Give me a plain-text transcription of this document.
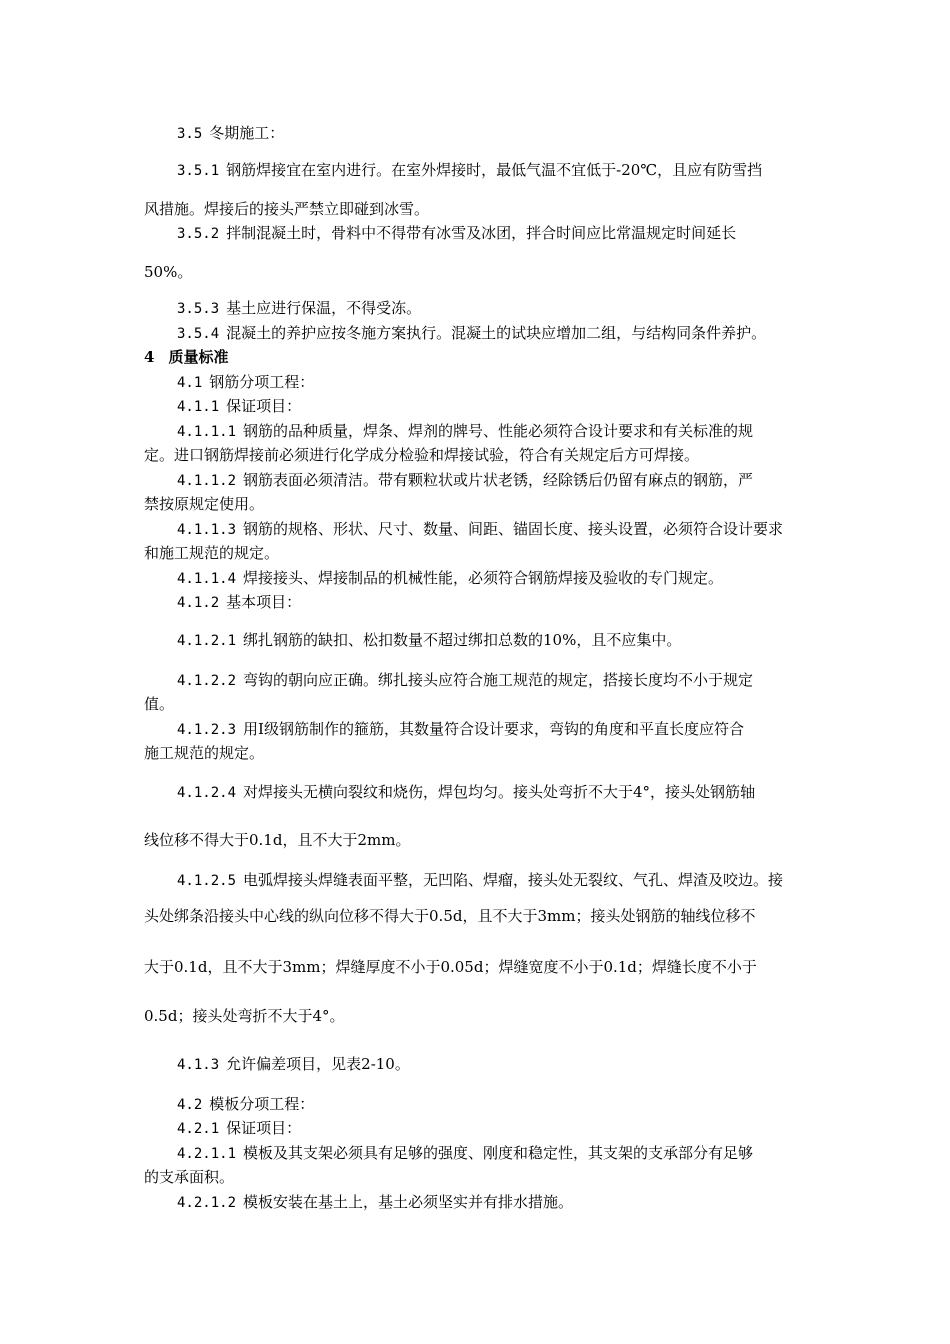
3.5 冬期施工：
3.5.1 钢筋焊接宜在室内进行。在室外焊接时，最低气温不宜低于-20℃，且应有防雪挡
风措施。焊接后的接头严禁立即碰到冰雪。
3.5.2 拌制混凝土时，骨料中不得带有冰雪及冰团，拌合时间应比常温规定时间延长
50%。
3.5.3 基土应进行保温，不得受冻。
3.5.4 混凝土的养护应按冬施方案执行。混凝土的试块应增加二组，与结构同条件养护。
4 质量标准
4.1 钢筋分项工程：
4.1.1 保证项目：
4.1.1.1 钢筋的品种质量，焊条、焊剂的牌号、性能必须符合设计要求和有关标准的规
定。进口钢筋焊接前必须进行化学成分检验和焊接试验，符合有关规定后方可焊接。
4.1.1.2 钢筋表面必须清洁。带有颗粒状或片状老锈，经除锈后仍留有麻点的钢筋，严
禁按原规定使用。
4.1.1.3 钢筋的规格、形状、尺寸、数量、间距、锚固长度、接头设置，必须符合设计要求
和施工规范的规定。
4.1.1.4 焊接接头、焊接制品的机械性能，必须符合钢筋焊接及验收的专门规定。
4.1.2 基本项目：
4.1.2.1 绑扎钢筋的缺扣、松扣数量不超过绑扣总数的10%，且不应集中。
4.1.2.2 弯钩的朝向应正确。绑扎接头应符合施工规范的规定，搭接长度均不小于规定
值。
4.1.2.3 用Ⅰ级钢筋制作的箍筋，其数量符合设计要求，弯钩的角度和平直长度应符合
施工规范的规定。
4.1.2.4 对焊接头无横向裂纹和烧伤，焊包均匀。接头处弯折不大于4°，接头处钢筋轴
线位移不得大于0.1d，且不大于2mm。
4.1.2.5 电弧焊接头焊缝表面平整，无凹陷、焊瘤，接头处无裂纹、气孔、焊渣及咬边。接
头处绑条沿接头中心线的纵向位移不得大于0.5d，且不大于3mm；接头处钢筋的轴线位移不
大于0.1d，且不大于3mm；焊缝厚度不小于0.05d；焊缝宽度不小于0.1d；焊缝长度不小于
0.5d；接头处弯折不大于4°。
4.1.3 允许偏差项目，见表2-10。
4.2 模板分项工程：
4.2.1 保证项目：
4.2.1.1 模板及其支架必须具有足够的强度、刚度和稳定性，其支架的支承部分有足够
的支承面积。
4.2.1.2 模板安装在基土上，基土必须坚实并有排水措施。
